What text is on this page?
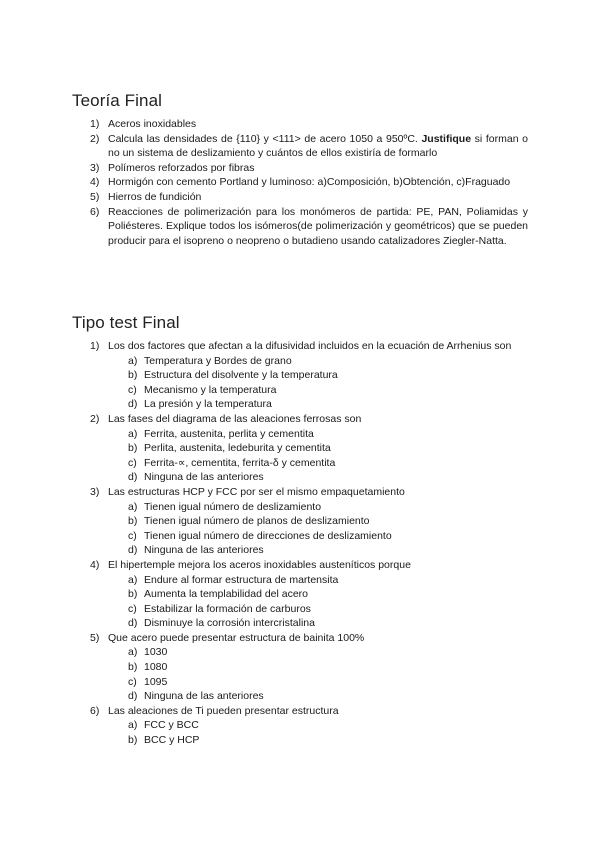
Teoría Final
1) Aceros inoxidables
2) Calcula las densidades de {110} y <111> de acero 1050 a 950ºC. Justifique si forman o no un sistema de deslizamiento y cuántos de ellos existiría de formarlo
3) Polímeros reforzados por fibras
4) Hormigón con cemento Portland y luminoso: a)Composición, b)Obtención, c)Fraguado
5) Hierros de fundición
6) Reacciones de polimerización para los monómeros de partida: PE, PAN, Poliamidas y Poliésteres. Explique todos los isómeros(de polimerización y geométricos) que se pueden producir para el isopreno o neopreno o butadieno usando catalizadores Ziegler-Natta.
Tipo test Final
1) Los dos factores que afectan a la difusividad incluidos en la ecuación de Arrhenius son
a) Temperatura y Bordes de grano
b) Estructura del disolvente y la temperatura
c) Mecanismo y la temperatura
d) La presión y la temperatura
2) Las fases del diagrama de las aleaciones ferrosas son
a) Ferrita, austenita, perlita y cementita
b) Perlita, austenita, ledeburita y cementita
c) Ferrita-∝, cementita, ferrita-δ y cementita
d) Ninguna de las anteriores
3) Las estructuras HCP y FCC por ser el mismo empaquetamiento
a) Tienen igual número de deslizamiento
b) Tienen igual número de planos de deslizamiento
c) Tienen igual número de direcciones de deslizamiento
d) Ninguna de las anteriores
4) El hipertemple mejora los aceros inoxidables austeníticos porque
a) Endure al formar estructura de martensita
b) Aumenta la templabilidad del acero
c) Estabilizar la formación de carburos
d) Disminuye la corrosión intercristalina
5) Que acero puede presentar estructura de bainita 100%
a) 1030
b) 1080
c) 1095
d) Ninguna de las anteriores
6) Las aleaciones de Ti pueden presentar estructura
a) FCC y BCC
b) BCC y HCP
